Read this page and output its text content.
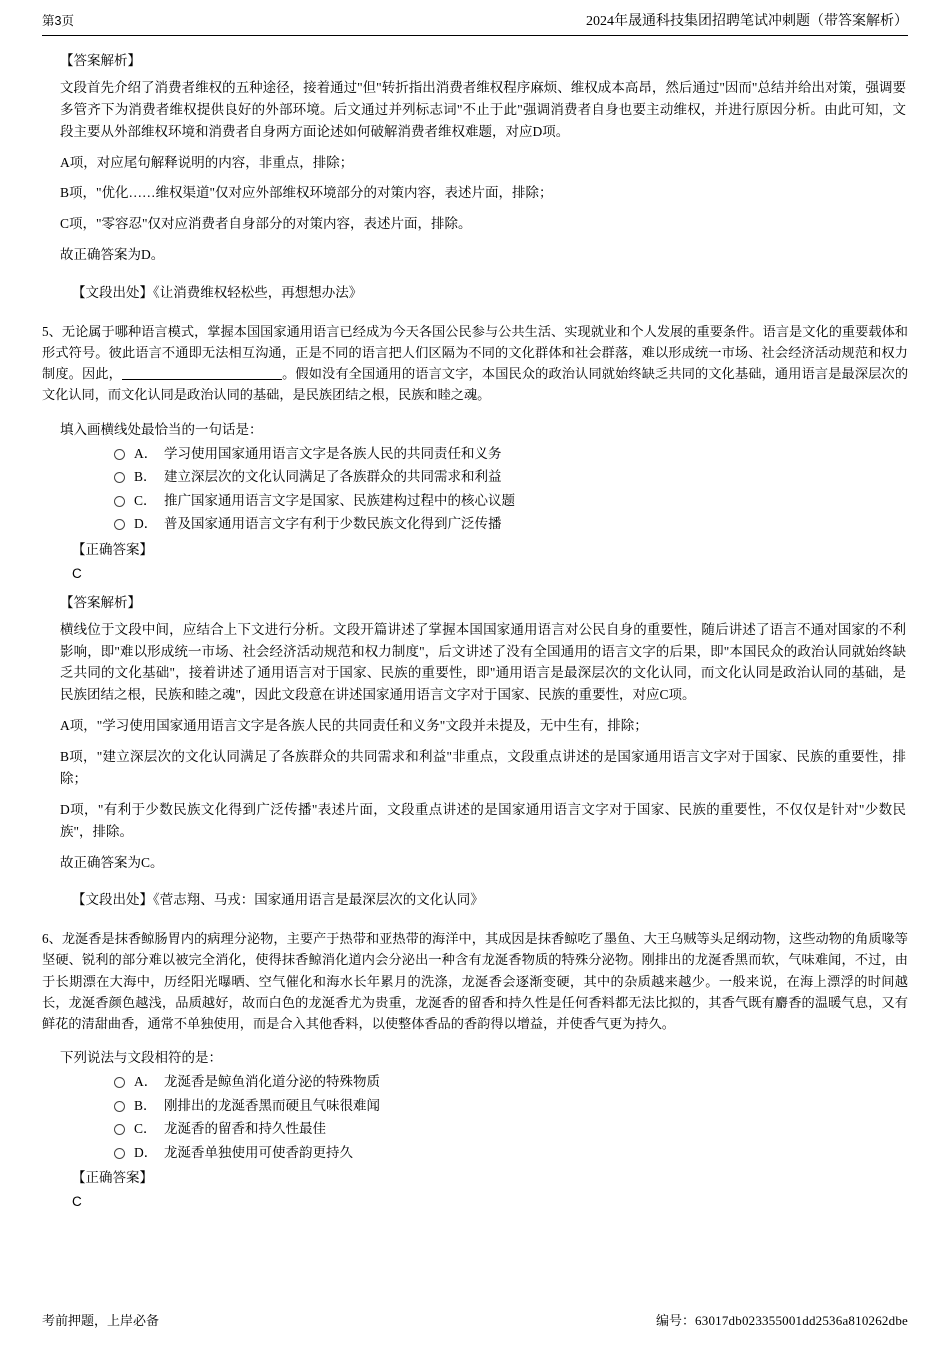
第3页	2024年晟通科技集团招聘笔试冲刺题（带答案解析）
【答案解析】

文段首先介绍了消费者维权的五种途径，接着通过"但"转折指出消费者维权程序麻烦、维权成本高昂，然后通过"因而"总结并给出对策，强调要多管齐下为消费者维权提供良好的外部环境。后文通过并列标志词"不止于此"强调消费者自身也要主动维权，并进行原因分析。由此可知，文段主要从外部维权环境和消费者自身两方面论述如何破解消费者维权难题，对应D项。

A项，对应尾句解释说明的内容，非重点，排除；

B项，"优化……维权渠道"仅对应外部维权环境部分的对策内容，表述片面，排除；

C项，"零容忍"仅对应消费者自身部分的对策内容，表述片面，排除。

故正确答案为D。

【文段出处】《让消费维权轻松些，再想想办法》

5、无论属于哪种语言模式，掌握本国国家通用语言已经成为今天各国公民参与公共生活、实现就业和个人发展的重要条件。语言是文化的重要载体和形式符号。彼此语言不通即无法相互沟通，正是不同的语言把人们区隔为不同的文化群体和社会群落，难以形成统一市场、社会经济活动规范和权力制度。因此，	。假如没有全国通用的语言文字，本国民众的政治认同就始终缺乏共同的文化基础，通用语言是最深层次的文化认同，而文化认同是政治认同的基础，是民族团结之根，民族和睦之魂。

填入画横线处最恰当的一句话是：
A． 学习使用国家通用语言文字是各族人民的共同责任和义务
B． 建立深层次的文化认同满足了各族群众的共同需求和利益
C． 推广国家通用语言文字是国家、民族建构过程中的核心议题
D． 普及国家通用语言文字有利于少数民族文化得到广泛传播
【正确答案】
C
【答案解析】

横线位于文段中间，应结合上下文进行分析。文段开篇讲述了掌握本国国家通用语言对公民自身的重要性，随后讲述了语言不通对国家的不利影响，即"难以形成统一市场、社会经济活动规范和权力制度"，后文讲述了没有全国通用的语言文字的后果，即"本国民众的政治认同就始终缺乏共同的文化基础"，接着讲述了通用语言对于国家、民族的重要性，即"通用语言是最深层次的文化认同，而文化认同是政治认同的基础，是民族团结之根，民族和睦之魂"，因此文段意在讲述国家通用语言文字对于国家、民族的重要性，对应C项。

A项，"学习使用国家通用语言文字是各族人民的共同责任和义务"文段并未提及，无中生有，排除；

B项，"建立深层次的文化认同满足了各族群众的共同需求和利益"非重点，文段重点讲述的是国家通用语言文字对于国家、民族的重要性，排除；

D项，"有利于少数民族文化得到广泛传播"表述片面，文段重点讲述的是国家通用语言文字对于国家、民族的重要性，不仅仅是针对"少数民族"，排除。

故正确答案为C。

【文段出处】《菅志翔、马戎：国家通用语言是最深层次的文化认同》

6、龙涎香是抹香鲸肠胃内的病理分泌物，主要产于热带和亚热带的海洋中，其成因是抹香鲸吃了墨鱼、大王乌贼等头足纲动物，这些动物的角质喙等坚硬、锐利的部分难以被完全消化，使得抹香鲸消化道内会分泌出一种含有龙涎香物质的特殊分泌物。刚排出的龙涎香黑而软，气味难闻，不过，由于长期漂在大海中，历经阳光曝晒、空气催化和海水长年累月的洗涤，龙涎香会逐渐变硬，其中的杂质越来越少。一般来说，在海上漂浮的时间越长，龙涎香颜色越浅，品质越好，故而白色的龙涎香尤为贵重，龙涎香的留香和持久性是任何香料都无法比拟的，其香气既有麝香的温暖气息，又有鲜花的清甜曲香，通常不单独使用，而是合入其他香料，以使整体香品的香韵得以增益，并使香气更为持久。

下列说法与文段相符的是：
A． 龙涎香是鲸鱼消化道分泌的特殊物质
B． 刚排出的龙涎香黑而硬且气味很难闻
C． 龙涎香的留香和持久性最佳
D． 龙涎香单独使用可使香韵更持久
【正确答案】
C
考前押题，上岸必备	编号：63017db023355001dd2536a810262dbe
